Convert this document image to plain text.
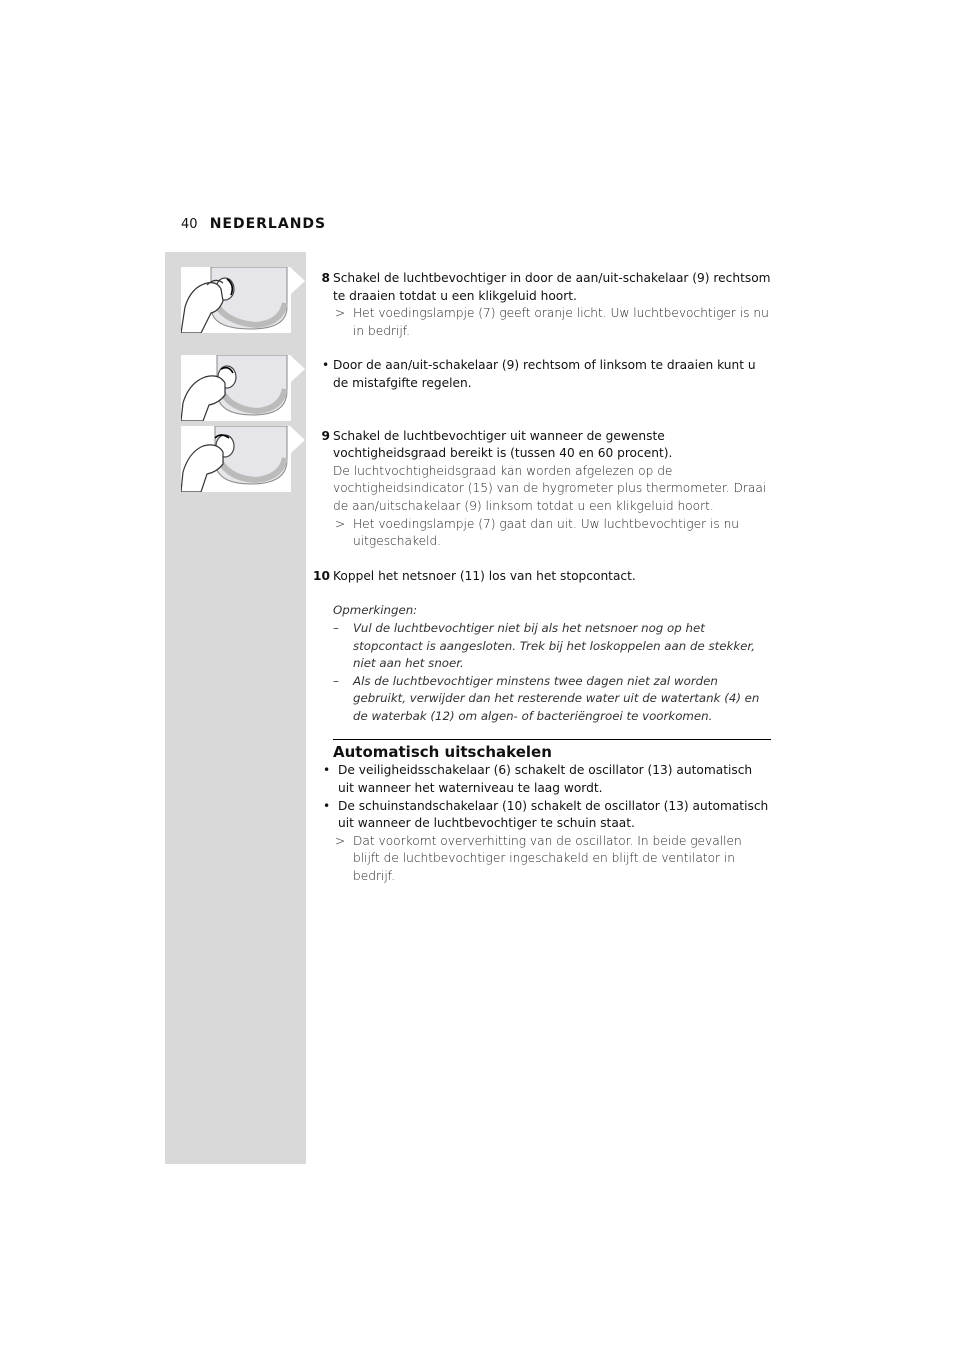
40 NEDERLANDS
8 Schakel de luchtbevochtiger in door de aan/uit-schakelaar (9) rechtsom te draaien totdat u een klikgeluid hoort.
> Het voedingslampje (7) geeft oranje licht. Uw luchtbevochtiger is nu in bedrijf.
• Door de aan/uit-schakelaar (9) rechtsom of linksom te draaien kunt u de mistafgifte regelen.
9 Schakel de luchtbevochtiger uit wanneer de gewenste vochtigheidsgraad bereikt is (tussen 40 en 60 procent).
De luchtvochtigheidsgraad kan worden afgelezen op de vochtigheidsindicator (15) van de hygrometer plus thermometer. Draai de aan/uitschakelaar (9) linksom totdat u een klikgeluid hoort.
> Het voedingslampje (7) gaat dan uit. Uw luchtbevochtiger is nu uitgeschakeld.
10 Koppel het netsnoer (11) los van het stopcontact.
Opmerkingen:
– Vul de luchtbevochtiger niet bij als het netsnoer nog op het stopcontact is aangesloten. Trek bij het loskoppelen aan de stekker, niet aan het snoer.
– Als de luchtbevochtiger minstens twee dagen niet zal worden gebruikt, verwijder dan het resterende water uit de watertank (4) en de waterbak (12) om algen- of bacteriëngroei te voorkomen.
Automatisch uitschakelen
• De veiligheidsschakelaar (6) schakelt de oscillator (13) automatisch uit wanneer het waterniveau te laag wordt.
• De schuinstandschakelaar (10) schakelt de oscillator (13) automatisch uit wanneer de luchtbevochtiger te schuin staat.
> Dat voorkomt oververhitting van de oscillator. In beide gevallen blijft de luchtbevochtiger ingeschakeld en blijft de ventilator in bedrijf.
